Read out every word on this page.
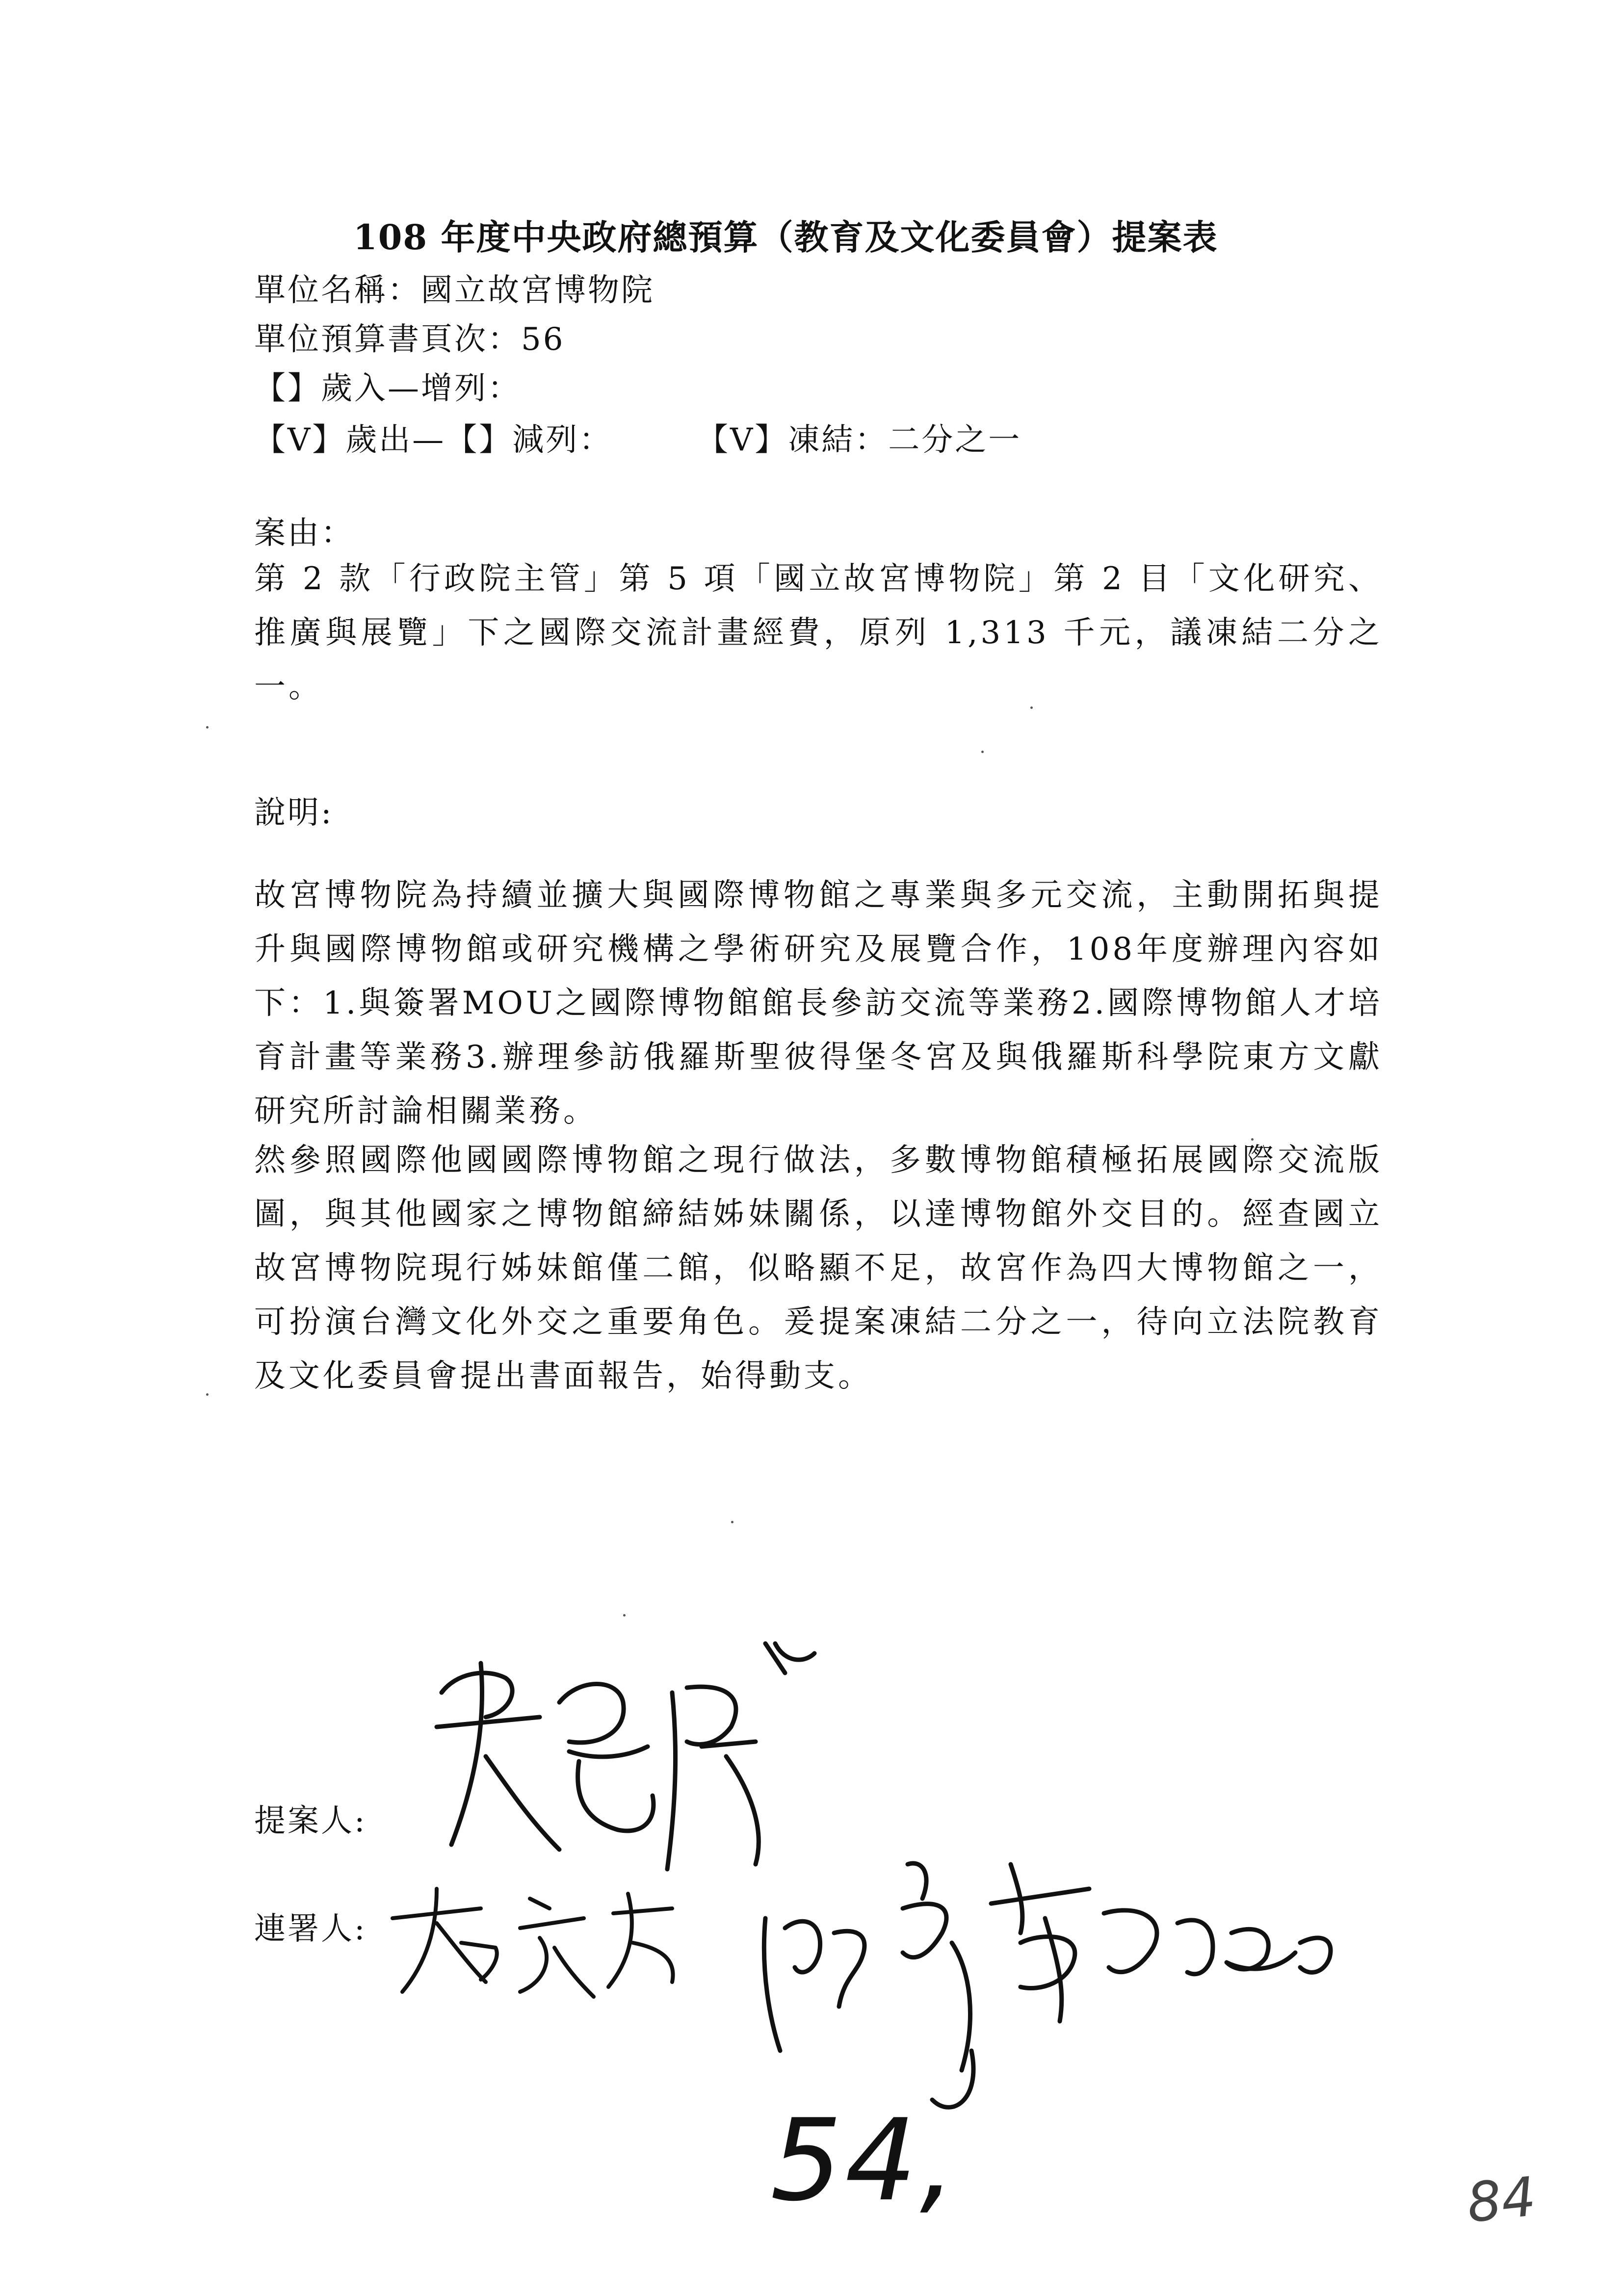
108 年度中央政府總預算（教育及文化委員會）提案表
單位名稱：國立故宮博物院
單位預算書頁次：56
【】歲入—增列：
【V】歲出—【】減列：	【V】凍結：二分之一
案由：
第 2 款「行政院主管」第 5 項「國立故宮博物院」第 2 目「文化研究、推廣與展覽」下之國際交流計畫經費，原列 1,313 千元，議凍結二分之一。
說明:
故宮博物院為持續並擴大與國際博物館之專業與多元交流，主動開拓與提升與國際博物館或研究機構之學術研究及展覽合作，108年度辦理內容如下：1.與簽署MOU之國際博物館館長參訪交流等業務2.國際博物館人才培育計畫等業務3.辦理參訪俄羅斯聖彼得堡冬宮及與俄羅斯科學院東方文獻研究所討論相關業務。
然參照國際他國國際博物館之現行做法，多數博物館積極拓展國際交流版圖，與其他國家之博物館締結姊妹關係，以達博物館外交目的。經查國立故宮博物院現行姊妹館僅二館，似略顯不足，故宮作為四大博物館之一，可扮演台灣文化外交之重要角色。爰提案凍結二分之一，待向立法院教育及文化委員會提出書面報告，始得動支。
提案人:
連署人:
54,	84
